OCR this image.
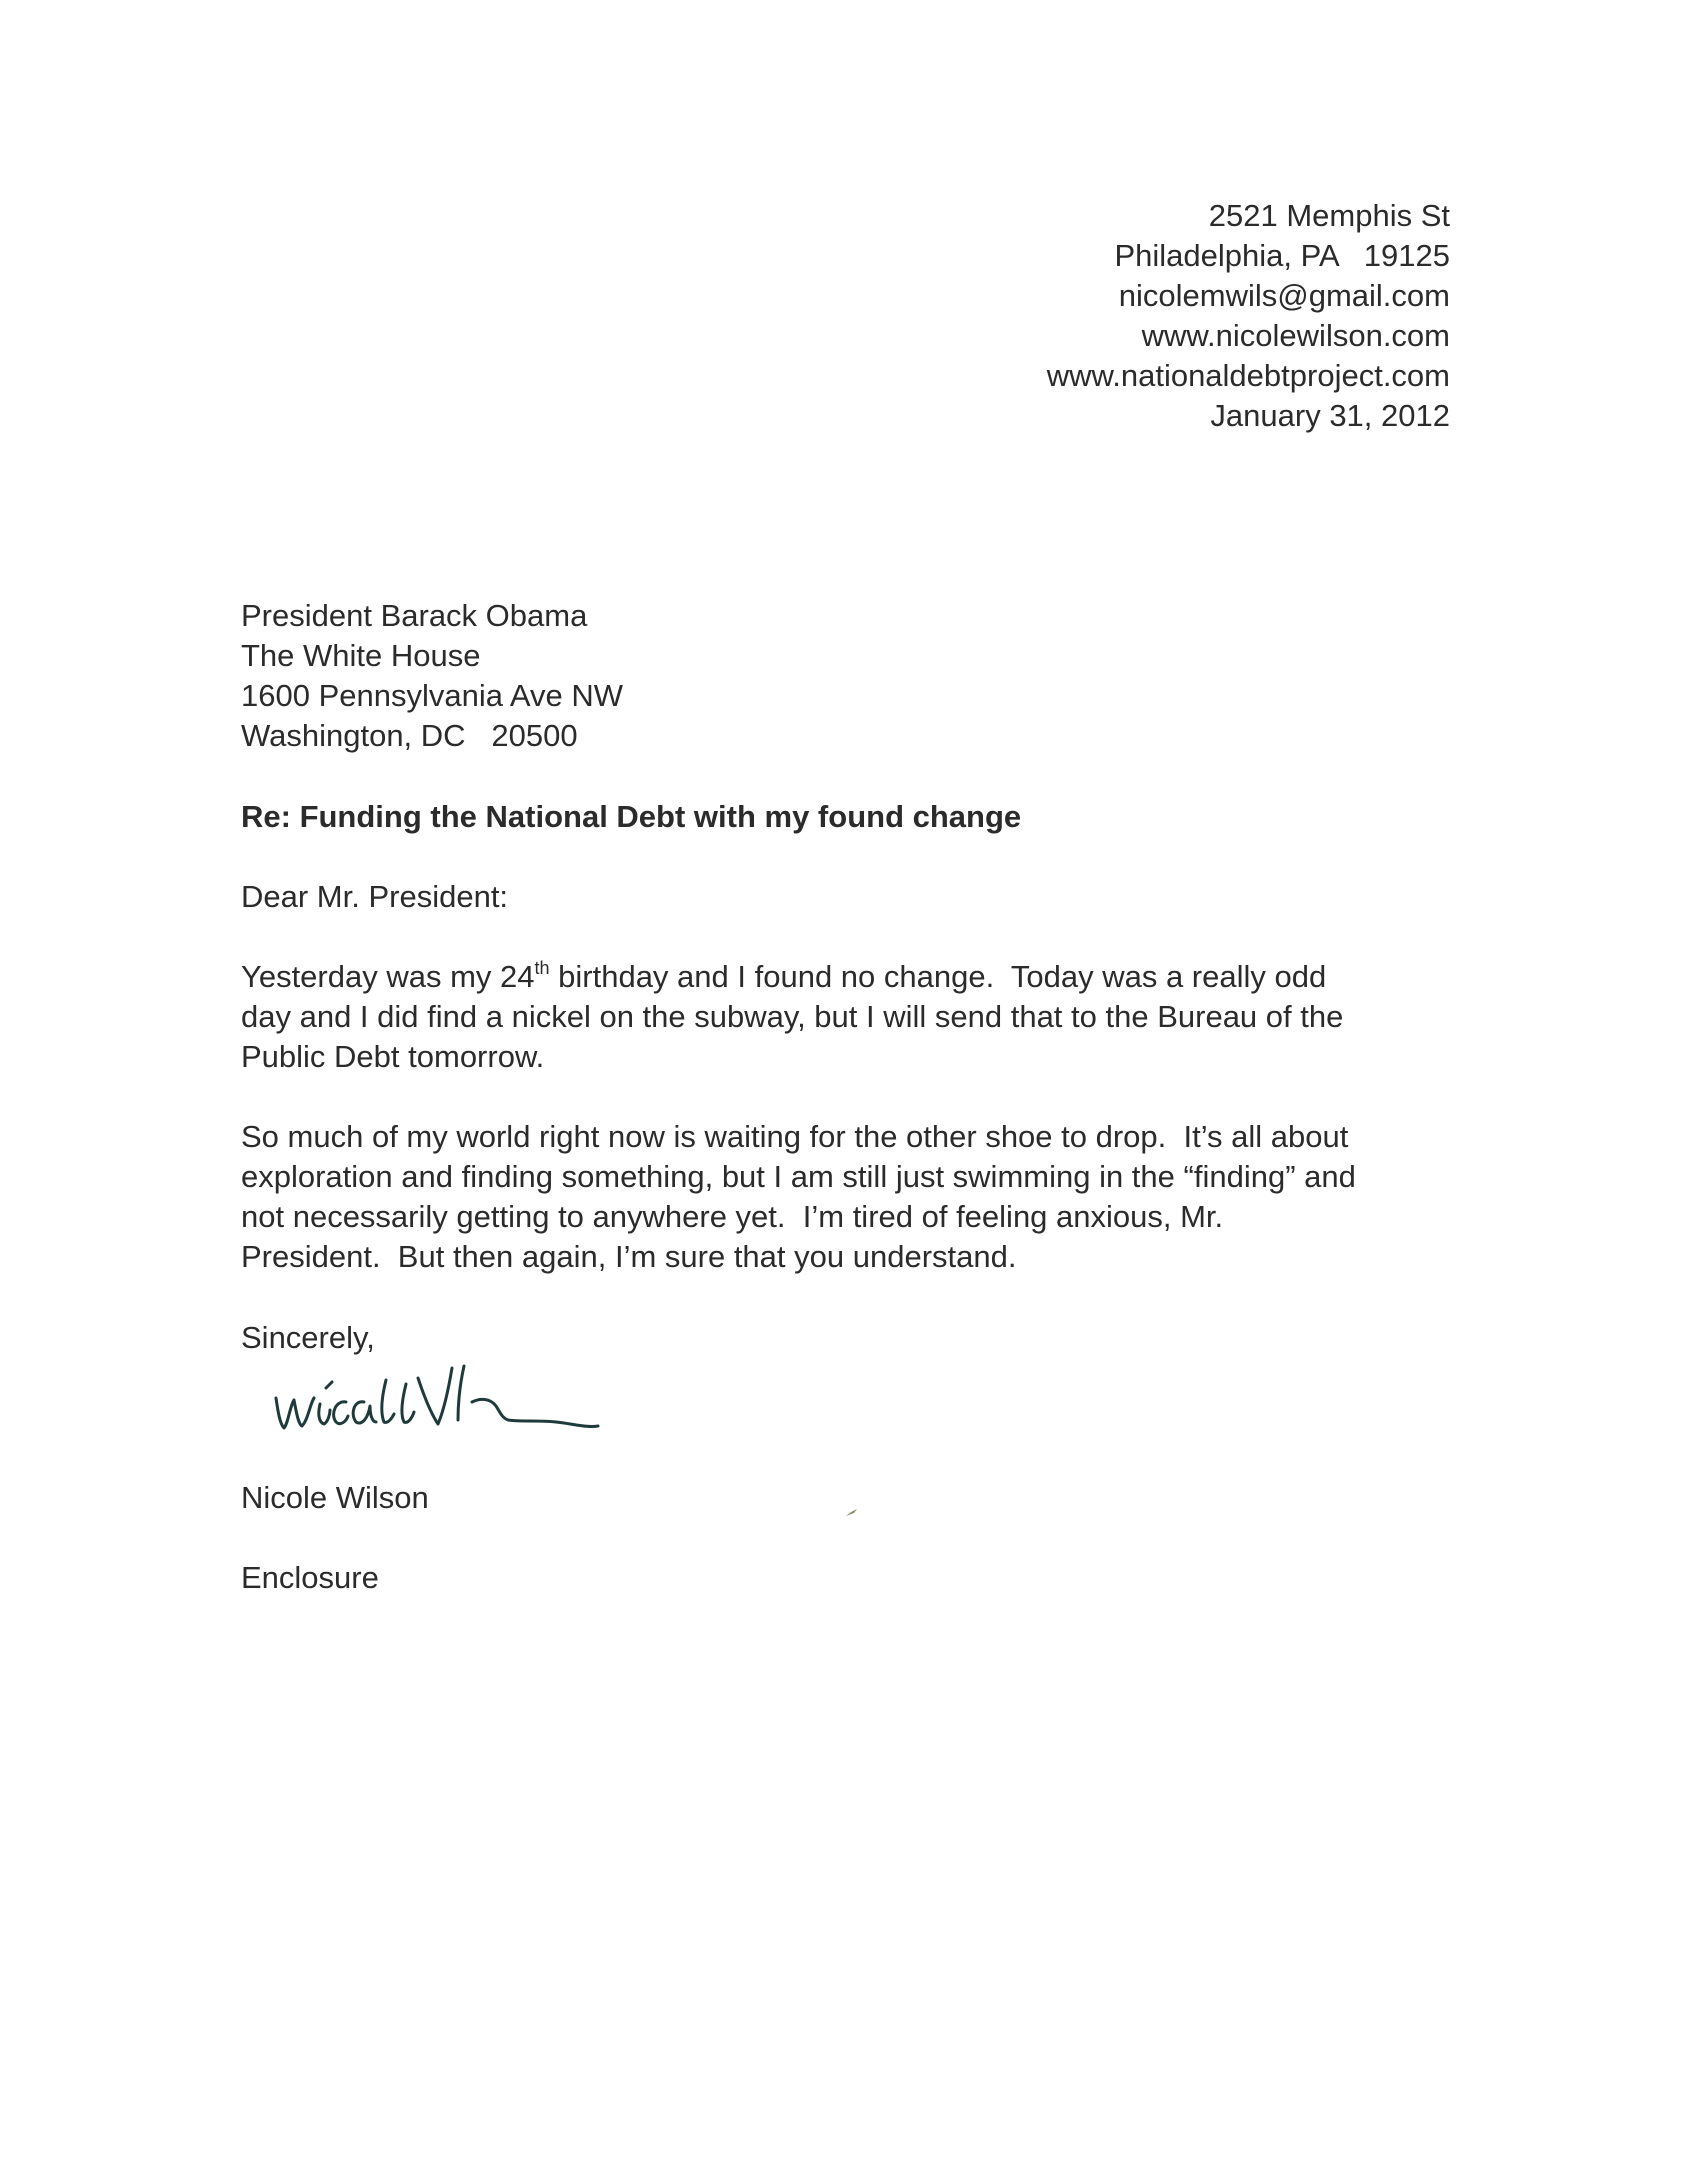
2521 Memphis St
Philadelphia, PA   19125
nicolemwils@gmail.com
www.nicolewilson.com
www.nationaldebtproject.com
January 31, 2012
President Barack Obama
The White House
1600 Pennsylvania Ave NW
Washington, DC   20500
Re: Funding the National Debt with my found change
Dear Mr. President:
Yesterday was my 24th birthday and I found no change.  Today was a really odd
day and I did find a nickel on the subway, but I will send that to the Bureau of the
Public Debt tomorrow.
So much of my world right now is waiting for the other shoe to drop.  It’s all about
exploration and finding something, but I am still just swimming in the “finding” and
not necessarily getting to anywhere yet.  I’m tired of feeling anxious, Mr.
President.  But then again, I’m sure that you understand.
Sincerely,
Nicole Wilson
Enclosure
